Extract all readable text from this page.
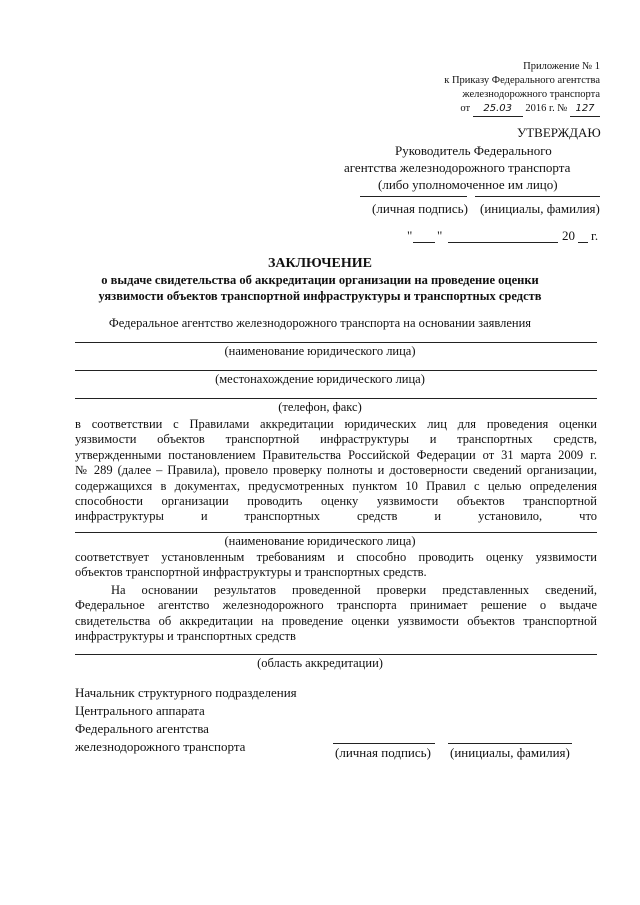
Приложение № 1
к Приказу Федерального агентства
железнодорожного транспорта
от 25.03 2016 г. № 127
УТВЕРЖДАЮ
Руководитель Федерального
агентства железнодорожного транспорта
(либо уполномоченное им лицо)
(личная подпись) (инициалы, фамилия)
" "	20 г.
ЗАКЛЮЧЕНИЕ
о выдаче свидетельства об аккредитации организации на проведение оценки
уязвимости объектов транспортной инфраструктуры и транспортных средств
Федеральное агентство железнодорожного транспорта на основании заявления
(наименование юридического лица)
(местонахождение юридического лица)
(телефон, факс)
в соответствии с Правилами аккредитации юридических лиц для проведения оценки
уязвимости объектов транспортной инфраструктуры и транспортных средств,
утвержденными постановлением Правительства Российской Федерации от 31 марта 2009 г.
№ 289 (далее – Правила), провело проверку полноты и достоверности сведений организации,
содержащихся в документах, предусмотренных пунктом 10 Правил с целью определения
способности организации проводить оценку уязвимости объектов транспортной
инфраструктуры и транспортных средств и установило, что
(наименование юридического лица)
соответствует установленным требованиям и способно проводить оценку уязвимости
объектов транспортной инфраструктуры и транспортных средств.
На основании результатов проведенной проверки представленных сведений,
Федеральное агентство железнодорожного транспорта принимает решение о выдаче
свидетельства об аккредитации на проведение оценки уязвимости объектов транспортной
инфраструктуры и транспортных средств
(область аккредитации)
Начальник структурного подразделения
Центрального аппарата
Федерального агентства
железнодорожного транспорта	(личная подпись) (инициалы, фамилия)
